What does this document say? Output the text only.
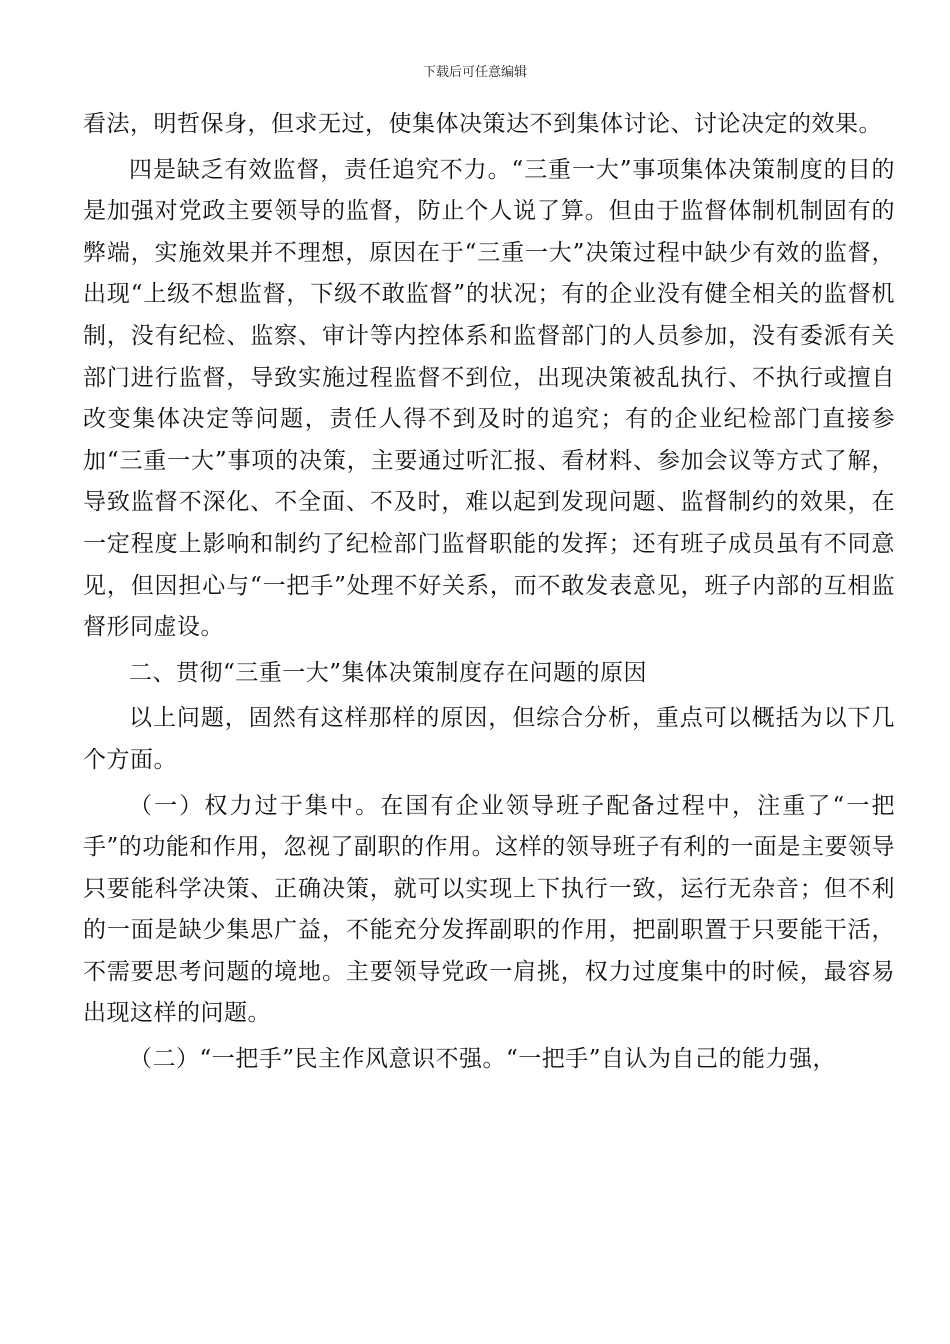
下载后可任意编辑

看法，明哲保身，但求无过，使集体决策达不到集体讨论、讨论决定的效果。

四是缺乏有效监督，责任追究不力。“三重一大”事项集体决策制度的目的是加强对党政主要领导的监督，防止个人说了算。但由于监督体制机制固有的弊端，实施效果并不理想，原因在于“三重一大”决策过程中缺少有效的监督，出现“上级不想监督，下级不敢监督”的状况；有的企业没有健全相关的监督机制，没有纪检、监察、审计等内控体系和监督部门的人员参加，没有委派有关部门进行监督，导致实施过程监督不到位，出现决策被乱执行、不执行或擅自改变集体决定等问题，责任人得不到及时的追究；有的企业纪检部门直接参加“三重一大”事项的决策，主要通过听汇报、看材料、参加会议等方式了解，导致监督不深化、不全面、不及时，难以起到发现问题、监督制约的效果，在一定程度上影响和制约了纪检部门监督职能的发挥；还有班子成员虽有不同意见，但因担心与“一把手”处理不好关系，而不敢发表意见，班子内部的互相监督形同虚设。

二、贯彻“三重一大”集体决策制度存在问题的原因

以上问题，固然有这样那样的原因，但综合分析，重点可以概括为以下几个方面。

（一）权力过于集中。在国有企业领导班子配备过程中，注重了“一把手”的功能和作用，忽视了副职的作用。这样的领导班子有利的一面是主要领导只要能科学决策、正确决策，就可以实现上下执行一致，运行无杂音；但不利的一面是缺少集思广益，不能充分发挥副职的作用，把副职置于只要能干活，不需要思考问题的境地。主要领导党政一肩挑，权力过度集中的时候，最容易出现这样的问题。

（二）“一把手”民主作风意识不强。“一把手”自认为自己的能力强，
